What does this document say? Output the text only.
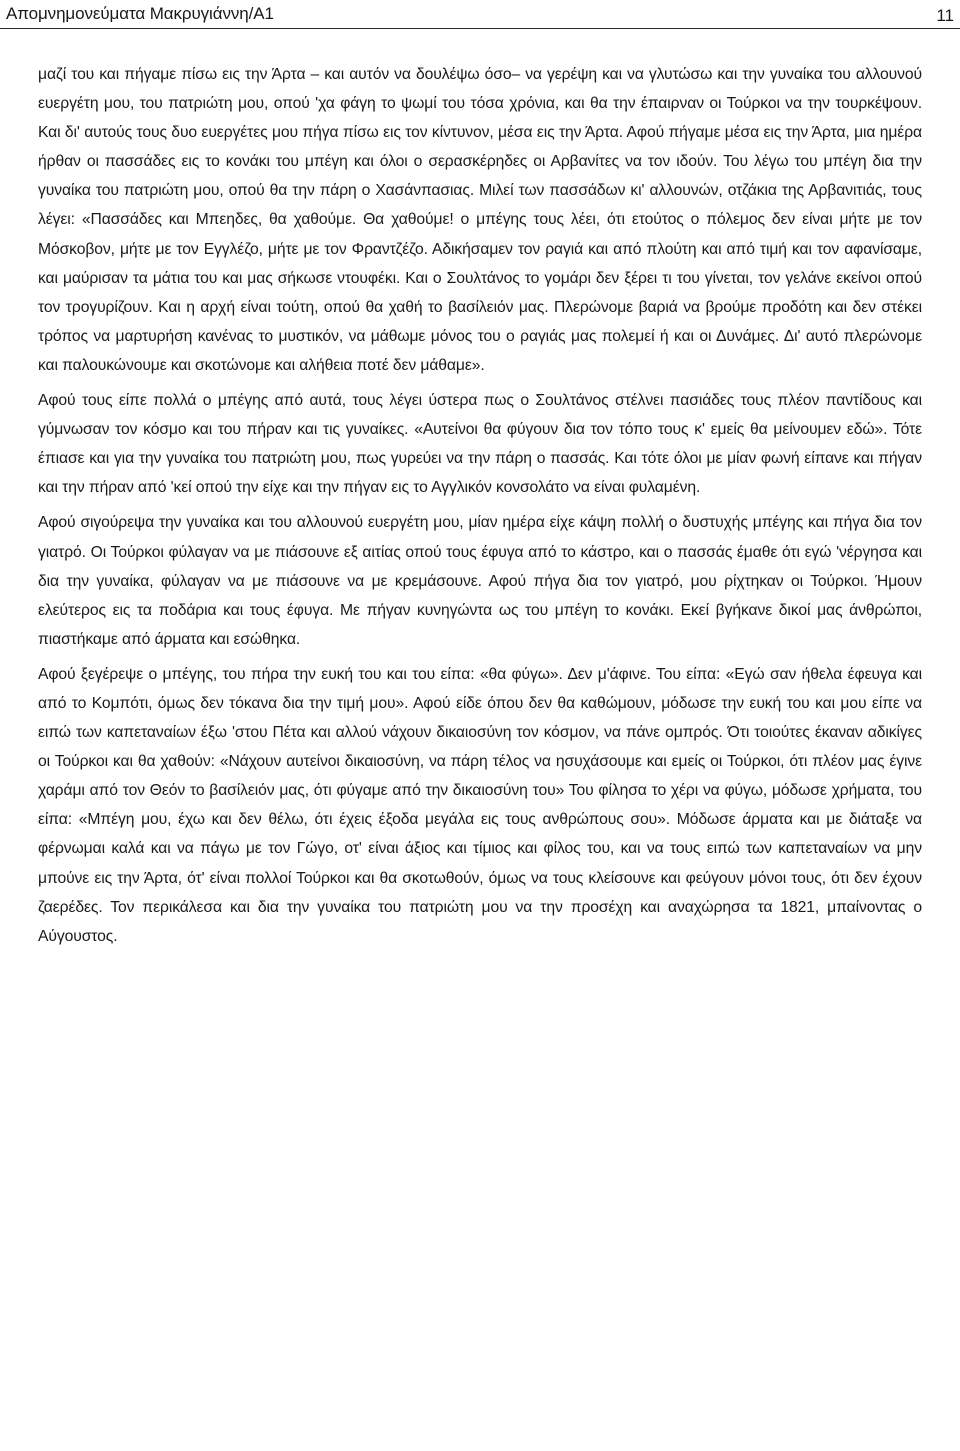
Απομνημονεύματα Μακρυγιάννη/Α1	11

μαζί του και πήγαμε πίσω εις την Άρτα – και αυτόν να δουλέψω όσο– να γερέψη και να γλυτώσω και την γυναίκα του αλλουνού ευεργέτη μου, του πατριώτη μου, οπού 'χα φάγη το ψωμί του τόσα χρόνια, και θα την έπαιρναν οι Τούρκοι να την τουρκέψουν. Και δι' αυτούς τους δυο ευεργέτες μου πήγα πίσω εις τον κίντυνον, μέσα εις την Άρτα. Αφού πήγαμε μέσα εις την Άρτα, μια ημέρα ήρθαν οι πασσάδες εις το κονάκι του μπέγη και όλοι ο σερασκέρηδες οι Αρβανίτες να τον ιδούν. Του λέγω του μπέγη δια την γυναίκα του πατριώτη μου, οπού θα την πάρη ο Χασάνπασιας. Μιλεί των πασσάδων κι' αλλουνών, οτζάκια της Αρβανιτιάς, τους λέγει: «Πασσάδες και Μπεηδες, θα χαθούμε. Θα χαθούμε! ο μπέγης τους λέει, ότι ετούτος ο πόλεμος δεν είναι μήτε με τον Μόσκοβον, μήτε με τον Εγγλέζο, μήτε με τον Φραντζέζο. Αδικήσαμεν τον ραγιά και από πλούτη και από τιμή και τον αφανίσαμε, και μαύρισαν τα μάτια του και μας σήκωσε ντουφέκι. Και ο Σουλτάνος το γομάρι δεν ξέρει τι του γίνεται, τον γελάνε εκείνοι οπού τον τρογυρίζουν. Και η αρχή είναι τούτη, οπού θα χαθή το βασίλειόν μας. Πλερώνομε βαριά να βρούμε προδότη και δεν στέκει τρόπος να μαρτυρήση κανένας το μυστικόν, να μάθωμε μόνος του ο ραγιάς μας πολεμεί ή και οι Δυνάμες. Δι' αυτό πλερώνομε και παλουκώνουμε και σκοτώνομε και αλήθεια ποτέ δεν μάθαμε».

Αφού τους είπε πολλά ο μπέγης από αυτά, τους λέγει ύστερα πως ο Σουλτάνος στέλνει πασιάδες τους πλέον παντίδους και γύμνωσαν τον κόσμο και του πήραν και τις γυναίκες. «Αυτείνοι θα φύγουν δια τον τόπο τους κ' εμείς θα μείνουμεν εδώ». Τότε έπιασε και για την γυναίκα του πατριώτη μου, πως γυρεύει να την πάρη ο πασσάς. Και τότε όλοι με μίαν φωνή είπανε και πήγαν και την πήραν από 'κεί οπού την είχε και την πήγαν εις το Αγγλικόν κονσολάτο να είναι φυλαμένη.

Αφού σιγούρεψα την γυναίκα και του αλλουνού ευεργέτη μου, μίαν ημέρα είχε κάψη πολλή ο δυστυχής μπέγης και πήγα δια τον γιατρό. Οι Τούρκοι φύλαγαν να με πιάσουνε εξ αιτίας οπού τους έφυγα από το κάστρο, και ο πασσάς έμαθε ότι εγώ 'νέργησα και δια την γυναίκα, φύλαγαν να με πιάσουνε να με κρεμάσουνε. Αφού πήγα δια τον γιατρό, μου ρίχτηκαν οι Τούρκοι. Ήμουν ελεύτερος εις τα ποδάρια και τους έφυγα. Με πήγαν κυνηγώντα ως του μπέγη το κονάκι. Εκεί βγήκανε δικοί μας άνθρώποι, πιαστήκαμε από άρματα και εσώθηκα.

Αφού ξεγέρεψε ο μπέγης, του πήρα την ευκή του και του είπα: «θα φύγω». Δεν μ'άφινε. Του είπα: «Εγώ σαν ήθελα έφευγα και από το Κομπότι, όμως δεν τόκανα δια την τιμή μου». Αφού είδε όπου δεν θα καθώμουν, μόδωσε την ευκή του και μου είπε να ειπώ των καπεταναίων έξω 'στου Πέτα και αλλού νάχουν δικαιοσύνη τον κόσμον, να πάνε ομπρός. Ότι τοιούτες έκαναν αδικίγες οι Τούρκοι και θα χαθούν: «Νάχουν αυτείνοι δικαιοσύνη, να πάρη τέλος να ησυχάσουμε και εμείς οι Τούρκοι, ότι πλέον μας έγινε χαράμι από τον Θεόν το βασίλειόν μας, ότι φύγαμε από την δικαιοσύνη του» Του φίλησα το χέρι να φύγω, μόδωσε χρήματα, του είπα: «Μπέγη μου, έχω και δεν θέλω, ότι έχεις έξοδα μεγάλα εις τους ανθρώπους σου». Μόδωσε άρματα και με διάταξε να φέρνωμαι καλά και να πάγω με τον Γώγο, οτ' είναι άξιος και τίμιος και φίλος του, και να τους ειπώ των καπεταναίων να μην μπούνε εις την Άρτα, ότ' είναι πολλοί Τούρκοι και θα σκοτωθούν, όμως να τους κλείσουνε και φεύγουν μόνοι τους, ότι δεν έχουν ζαερέδες. Τον περικάλεσα και δια την γυναίκα του πατριώτη μου να την προσέχη και αναχώρησα τα 1821, μπαίνοντας ο Αύγουστος.
